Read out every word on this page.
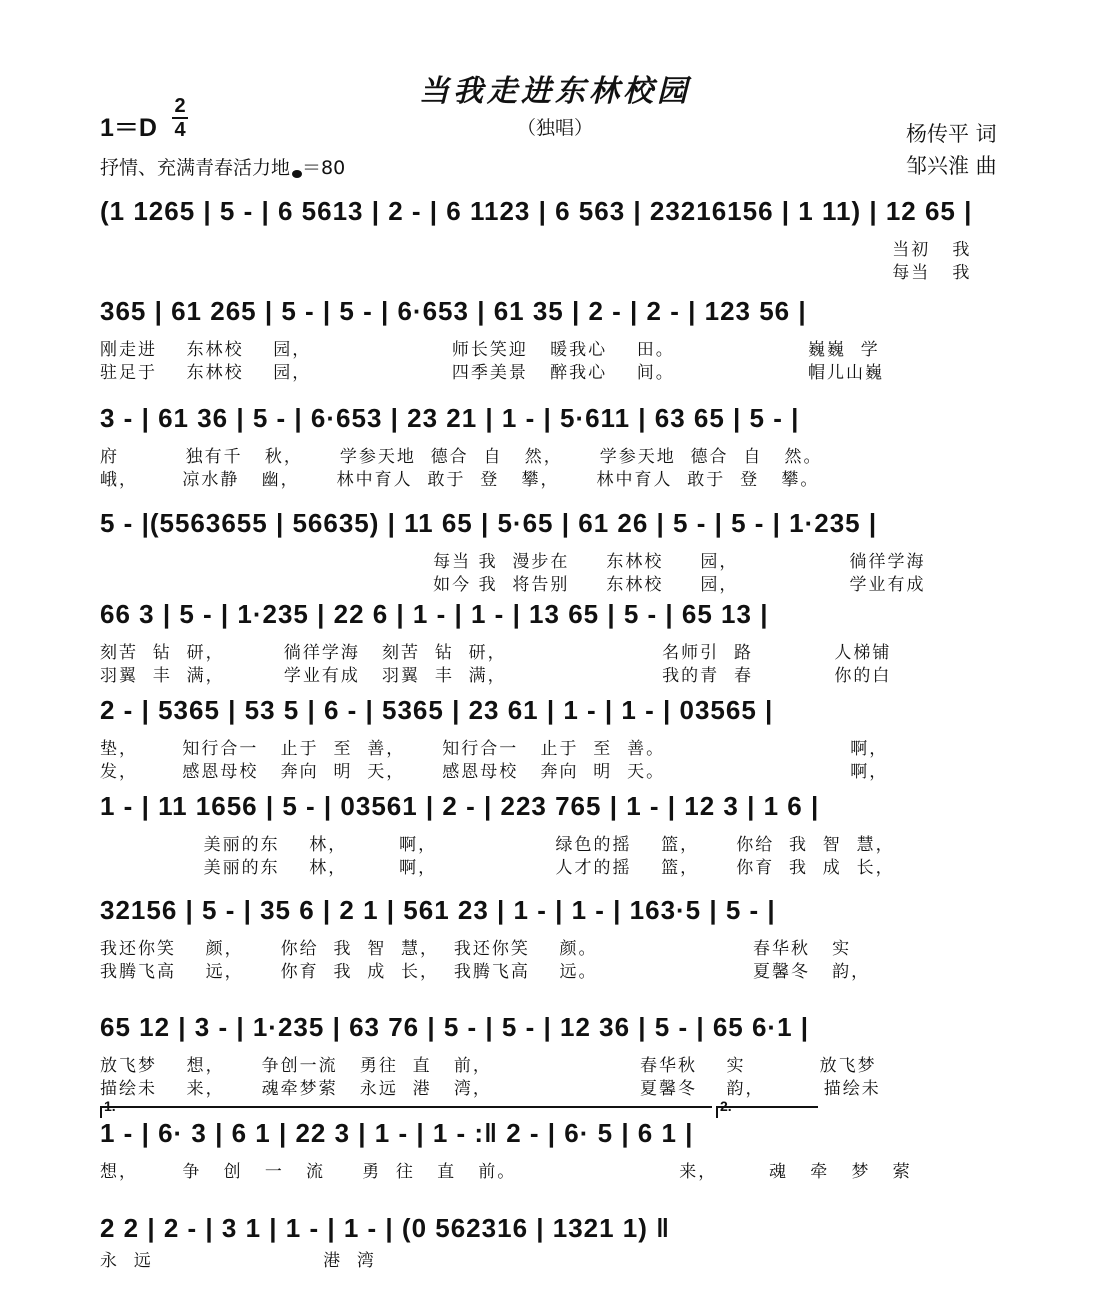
当我走进东林校园
（独唱）
1＝D
2
4
抒情、充满青春活力地 ＝80
杨传平 词
邹兴淮 曲
1.	2.
(1 1265 | 5 - | 6 5613 | 2 - | 6 1123 | 6 563 | 23216156 | 1 11) | 12 65 |
当初   我
每当   我
365 | 61 265 | 5 - | 5 - | 6·653 | 61 35 | 2 - | 2 - | 123 56 |
刚走进    东林校    园，                   师长笑迎   暖我心    田。                  巍巍  学
驻足于    东林校    园，                   四季美景   醉我心    间。                  帽儿山巍
3 - | 61 36 | 5 - | 6·653 | 23 21 | 1 - | 5·611 | 63 65 | 5 - |
府         独有千   秋，     学参天地  德合  自   然，     学参天地  德合  自   然。
峨，      凉水静   幽，     林中育人  敢于  登   攀，     林中育人  敢于  登   攀。
5 - |(5563655 | 56635) | 11 65 | 5·65 | 61 26 | 5 - | 5 - | 1·235 |
每当 我  漫步在     东林校     园，               徜徉学海
如今 我  将告别     东林校     园，               学业有成
66 3 | 5 - | 1·235 | 22 6 | 1 - | 1 - | 13 65 | 5 - | 65 13 |
刻苦  钻  研，        徜徉学海   刻苦  钻  研，                     名师引  路           人梯铺
羽翼  丰  满，        学业有成   羽翼  丰  满，                     我的青  春           你的白
2 - | 5365 | 53 5 | 6 - | 5365 | 23 61 | 1 - | 1 - | 03565 |
垫，      知行合一   止于  至  善，     知行合一   止于  至  善。                         啊，
发，      感恩母校   奔向  明  天，     感恩母校   奔向  明  天。                         啊，
1 - | 11 1656 | 5 - | 03561 | 2 - | 223 765 | 1 - | 12 3 | 1 6 |
美丽的东    林，       啊，                绿色的摇    篮，     你给  我  智  慧，
美丽的东    林，       啊，                人才的摇    篮，     你育  我  成  长，
32156 | 5 - | 35 6 | 2 1 | 561 23 | 1 - | 1 - | 163·5 | 5 - |
我还你笑    颜，     你给  我  智  慧，  我还你笑    颜。                     春华秋   实
我腾飞高    远，     你育  我  成  长，  我腾飞高    远。                     夏馨冬   韵，
65 12 | 3 - | 1·235 | 63 76 | 5 - | 5 - | 12 36 | 5 - | 65 6·1 |
放飞梦    想，     争创一流   勇往  直   前，                    春华秋    实          放飞梦
描绘未    来，     魂牵梦萦   永远  港   湾，                    夏馨冬    韵，        描绘未
1 - | 6· 3 | 6 1 | 22 3 | 1 - | 1 - :‖ 2 - | 6· 5 | 6 1 |
想，      争   创   一   流     勇  往   直   前。                      来，       魂   牵   梦   萦
2 2 | 2 - | 3 1 | 1 - | 1 - | (0 562316 | 1321 1) ‖
永  远                       港  湾
